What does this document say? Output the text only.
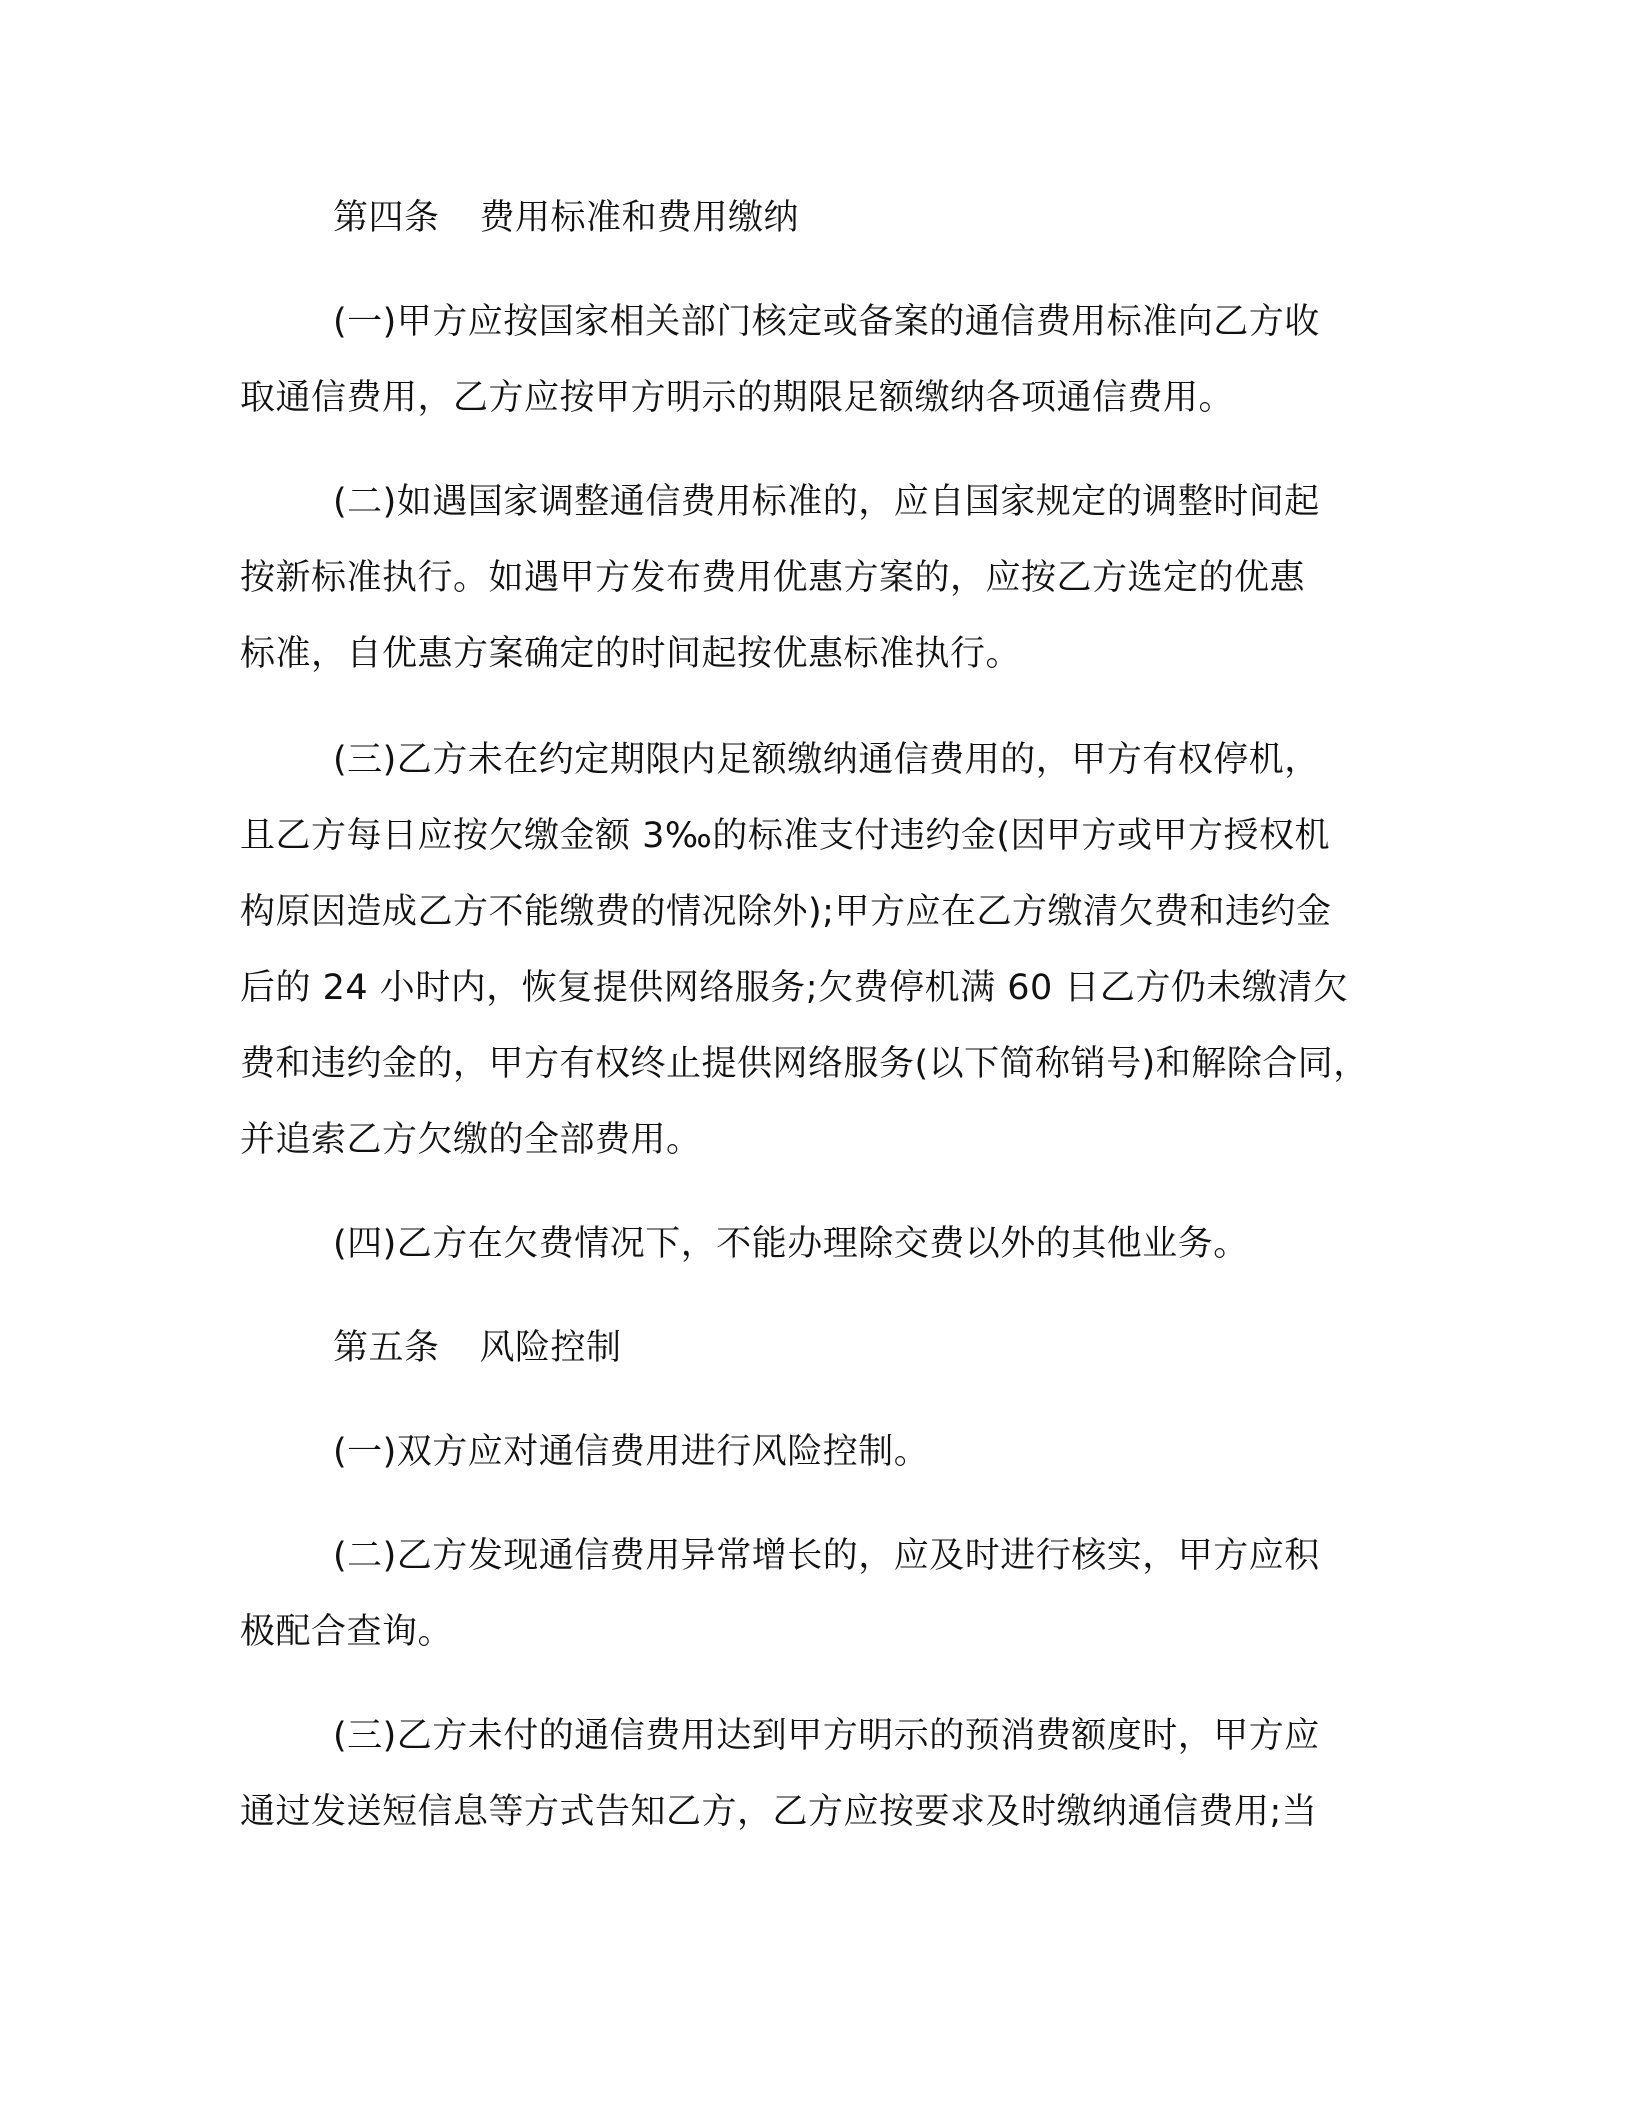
第四条 费用标准和费用缴纳
(一)甲方应按国家相关部门核定或备案的通信费用标准向乙方收
取通信费用，乙方应按甲方明示的期限足额缴纳各项通信费用。
(二)如遇国家调整通信费用标准的，应自国家规定的调整时间起
按新标准执行。如遇甲方发布费用优惠方案的，应按乙方选定的优惠
标准，自优惠方案确定的时间起按优惠标准执行。
(三)乙方未在约定期限内足额缴纳通信费用的，甲方有权停机，
且乙方每日应按欠缴金额 3‰的标准支付违约金(因甲方或甲方授权机
构原因造成乙方不能缴费的情况除外);甲方应在乙方缴清欠费和违约金
后的 24 小时内，恢复提供网络服务;欠费停机满 60 日乙方仍未缴清欠
费和违约金的，甲方有权终止提供网络服务(以下简称销号)和解除合同，
并追索乙方欠缴的全部费用。
(四)乙方在欠费情况下，不能办理除交费以外的其他业务。
第五条 风险控制
(一)双方应对通信费用进行风险控制。
(二)乙方发现通信费用异常增长的，应及时进行核实，甲方应积
极配合查询。
(三)乙方未付的通信费用达到甲方明示的预消费额度时，甲方应
通过发送短信息等方式告知乙方，乙方应按要求及时缴纳通信费用;当
